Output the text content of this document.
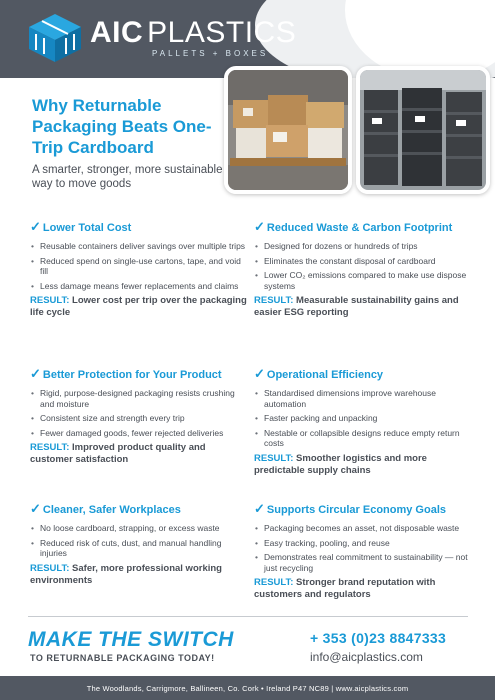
AIC PLASTICS
PALLETS + BOXES
Why Returnable Packaging Beats One-Trip Cardboard
A smarter, stronger, more sustainable way to move goods
✓ Lower Total Cost
• Reusable containers deliver savings over multiple trips
• Reduced spend on single-use cartons, tape, and void fill
• Less damage means fewer replacements and claims
RESULT: Lower cost per trip over the packaging life cycle
✓ Reduced Waste & Carbon Footprint
• Designed for dozens or hundreds of trips
• Eliminates the constant disposal of cardboard
• Lower CO₂ emissions compared to make use dispose systems
RESULT: Measurable sustainability gains and easier ESG reporting
✓ Better Protection for Your Product
• Rigid, purpose-designed packaging resists crushing and moisture
• Consistent size and strength every trip
• Fewer damaged goods, fewer rejected deliveries
RESULT: Improved product quality and customer satisfaction
✓ Operational Efficiency
• Standardised dimensions improve warehouse automation
• Faster packing and unpacking
• Nestable or collapsible designs reduce empty return costs
RESULT: Smoother logistics and more predictable supply chains
✓ Cleaner, Safer Workplaces
• No loose cardboard, strapping, or excess waste
• Reduced risk of cuts, dust, and manual handling injuries
RESULT: Safer, more professional working environments
✓ Supports Circular Economy Goals
• Packaging becomes an asset, not disposable waste
• Easy tracking, pooling, and reuse
• Demonstrates real commitment to sustainability — not just recycling
RESULT: Stronger brand reputation with customers and regulators
MAKE THE SWITCH
TO RETURNABLE PACKAGING TODAY!
+ 353 (0)23 8847333
info@aicplastics.com
The Woodlands, Carrigmore, Ballineen, Co. Cork • Ireland P47 NC89 | www.aicplastics.com
